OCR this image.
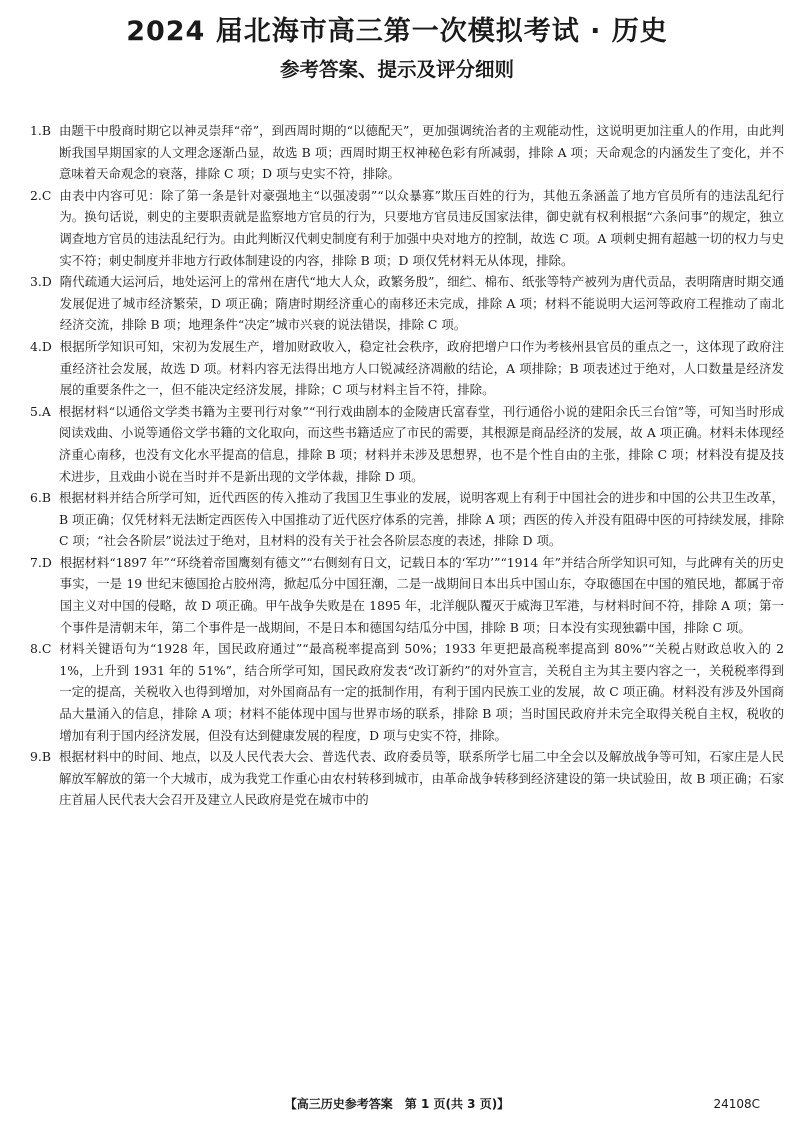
2024 届北海市高三第一次模拟考试 · 历史
参考答案、提示及评分细则
1.B 由题干中殷商时期它以神灵崇拜“帝”，到西周时期的“以德配天”，更加强调统治者的主观能动性，这说明更加注重人的作用，由此判断我国早期国家的人文理念逐渐凸显，故选 B 项；西周时期王权神秘色彩有所减弱，排除 A 项；天命观念的内涵发生了变化，并不意味着天命观念的衰落，排除 C 项；D 项与史实不符，排除。
2.C 由表中内容可见：除了第一条是针对豪强地主“以强凌弱”“以众暴寡”欺压百姓的行为，其他五条涵盖了地方官员所有的违法乱纪行为。换句话说，刺史的主要职责就是监察地方官员的行为，只要地方官员违反国家法律，御史就有权利根据“六条问事”的规定，独立调查地方官员的违法乱纪行为。由此判断汉代刺史制度有利于加强中央对地方的控制，故选 C 项。A 项刺史拥有超越一切的权力与史实不符；刺史制度并非地方行政体制建设的内容，排除 B 项；D 项仅凭材料无从体现，排除。
3.D 隋代疏通大运河后，地处运河上的常州在唐代“地大人众，政繁务殷”，细纻、棉布、纸张等特产被列为唐代贡品，表明隋唐时期交通发展促进了城市经济繁荣，D 项正确；隋唐时期经济重心的南移还未完成，排除 A 项；材料不能说明大运河等政府工程推动了南北经济交流，排除 B 项；地理条件“决定”城市兴衰的说法错误，排除 C 项。
4.D 根据所学知识可知，宋初为发展生产，增加财政收入，稳定社会秩序，政府把增户口作为考核州县官员的重点之一，这体现了政府注重经济社会发展，故选 D 项。材料内容无法得出地方人口锐减经济凋敝的结论，A 项排除；B 项表述过于绝对，人口数量是经济发展的重要条件之一，但不能决定经济发展，排除；C 项与材料主旨不符，排除。
5.A 根据材料“以通俗文学类书籍为主要刊行对象”“刊行戏曲剧本的金陵唐氏富春堂，刊行通俗小说的建阳余氏三台馆”等，可知当时形成阅读戏曲、小说等通俗文学书籍的文化取向，而这些书籍适应了市民的需要，其根源是商品经济的发展，故 A 项正确。材料未体现经济重心南移，也没有文化水平提高的信息，排除 B 项；材料并未涉及思想界，也不是个性自由的主张，排除 C 项；材料没有提及技术进步，且戏曲小说在当时并不是新出现的文学体裁，排除 D 项。
6.B 根据材料并结合所学可知，近代西医的传入推动了我国卫生事业的发展，说明客观上有利于中国社会的进步和中国的公共卫生改革，B 项正确；仅凭材料无法断定西医传入中国推动了近代医疗体系的完善，排除 A 项；西医的传入并没有阻碍中医的可持续发展，排除 C 项；“社会各阶层”说法过于绝对，且材料的没有关于社会各阶层态度的表述，排除 D 项。
7.D 根据材料“1897 年”“环绕着帝国鹰刻有德文”“右侧刻有日文，记载日本的‘军功’”“1914 年”并结合所学知识可知，与此碑有关的历史事实，一是 19 世纪末德国抢占胶州湾，掀起瓜分中国狂潮，二是一战期间日本出兵中国山东，夺取德国在中国的殖民地，都属于帝国主义对中国的侵略，故 D 项正确。甲午战争失败是在 1895 年，北洋舰队覆灭于威海卫军港，与材料时间不符，排除 A 项；第一个事件是清朝末年，第二个事件是一战期间，不是日本和德国勾结瓜分中国，排除 B 项；日本没有实现独霸中国，排除 C 项。
8.C 材料关键语句为“1928 年，国民政府通过”“最高税率提高到 50%；1933 年更把最高税率提高到 80%”“关税占财政总收入的 21%，上升到 1931 年的 51%”，结合所学可知，国民政府发表“改订新约”的对外宣言，关税自主为其主要内容之一，关税税率得到一定的提高，关税收入也得到增加，对外国商品有一定的抵制作用，有利于国内民族工业的发展，故 C 项正确。材料没有涉及外国商品大量涌入的信息，排除 A 项；材料不能体现中国与世界市场的联系，排除 B 项；当时国民政府并未完全取得关税自主权，税收的增加有利于国内经济发展，但没有达到健康发展的程度，D 项与史实不符，排除。
9.B 根据材料中的时间、地点，以及人民代表大会、普选代表、政府委员等，联系所学七届二中全会以及解放战争等可知，石家庄是人民解放军解放的第一个大城市，成为我党工作重心由农村转移到城市，由革命战争转移到经济建设的第一块试验田，故 B 项正确；石家庄首届人民代表大会召开及建立人民政府是党在城市中的
【高三历史参考答案　第 1 页(共 3 页)】	24108C
